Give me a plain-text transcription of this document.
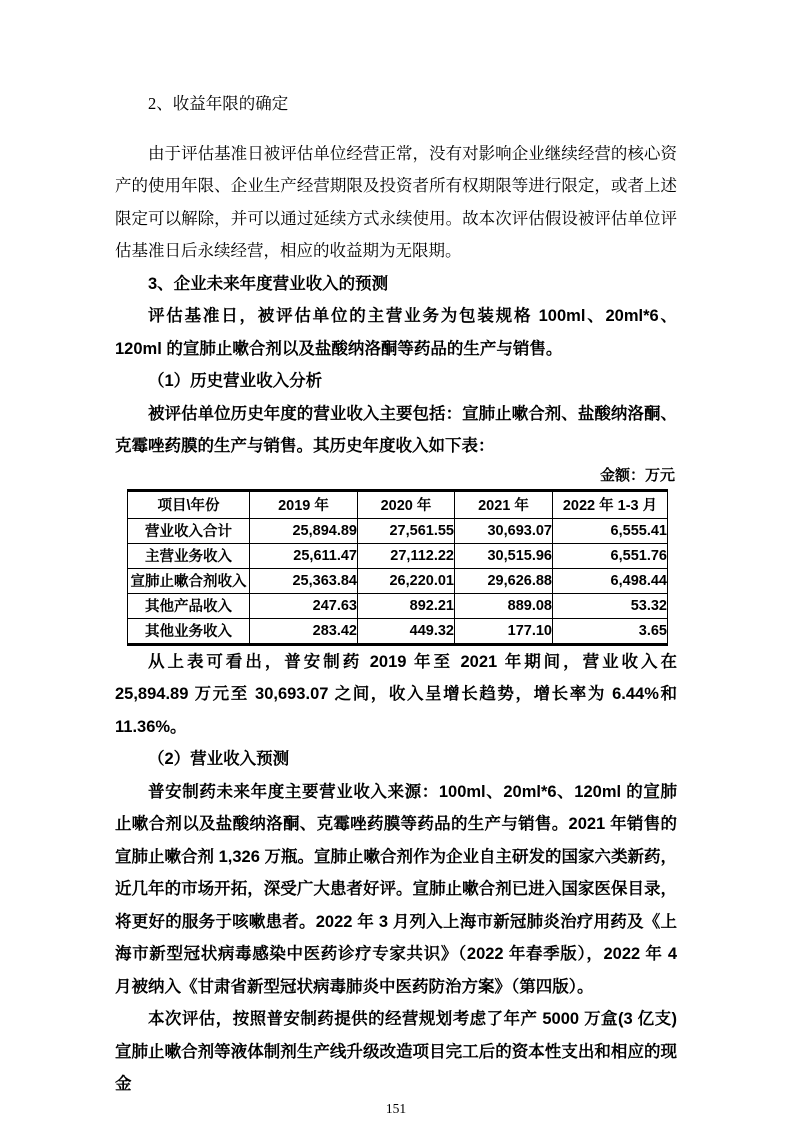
2、收益年限的确定

由于评估基准日被评估单位经营正常，没有对影响企业继续经营的核心资产的使用年限、企业生产经营期限及投资者所有权期限等进行限定，或者上述限定可以解除，并可以通过延续方式永续使用。故本次评估假设被评估单位评估基准日后永续经营，相应的收益期为无限期。

3、企业未来年度营业收入的预测

评估基准日，被评估单位的主营业务为包装规格 100ml、20ml*6、120ml 的宣肺止嗽合剂以及盐酸纳洛酮等药品的生产与销售。

（1）历史营业收入分析

被评估单位历史年度的营业收入主要包括：宣肺止嗽合剂、盐酸纳洛酮、克霉唑药膜的生产与销售。其历史年度收入如下表：

金额：万元
项目\年份	2019 年	2020 年	2021 年	2022 年 1-3 月
营业收入合计	25,894.89	27,561.55	30,693.07	6,555.41
主营业务收入	25,611.47	27,112.22	30,515.96	6,551.76
宣肺止嗽合剂收入	25,363.84	26,220.01	29,626.88	6,498.44
其他产品收入	247.63	892.21	889.08	53.32
其他业务收入	283.42	449.32	177.10	3.65

从上表可看出，普安制药 2019 年至 2021 年期间，营业收入在 25,894.89 万元至 30,693.07 之间，收入呈增长趋势，增长率为 6.44%和 11.36%。

（2）营业收入预测

普安制药未来年度主要营业收入来源：100ml、20ml*6、120ml 的宣肺止嗽合剂以及盐酸纳洛酮、克霉唑药膜等药品的生产与销售。2021 年销售的宣肺止嗽合剂 1,326 万瓶。宣肺止嗽合剂作为企业自主研发的国家六类新药，近几年的市场开拓，深受广大患者好评。宣肺止嗽合剂已进入国家医保目录，将更好的服务于咳嗽患者。2022 年 3 月列入上海市新冠肺炎治疗用药及《上海市新型冠状病毒感染中医药诊疗专家共识》（2022 年春季版），2022 年 4 月被纳入《甘肃省新型冠状病毒肺炎中医药防治方案》（第四版）。

本次评估，按照普安制药提供的经营规划考虑了年产 5000 万盒(3 亿支)宣肺止嗽合剂等液体制剂生产线升级改造项目完工后的资本性支出和相应的现金

151
